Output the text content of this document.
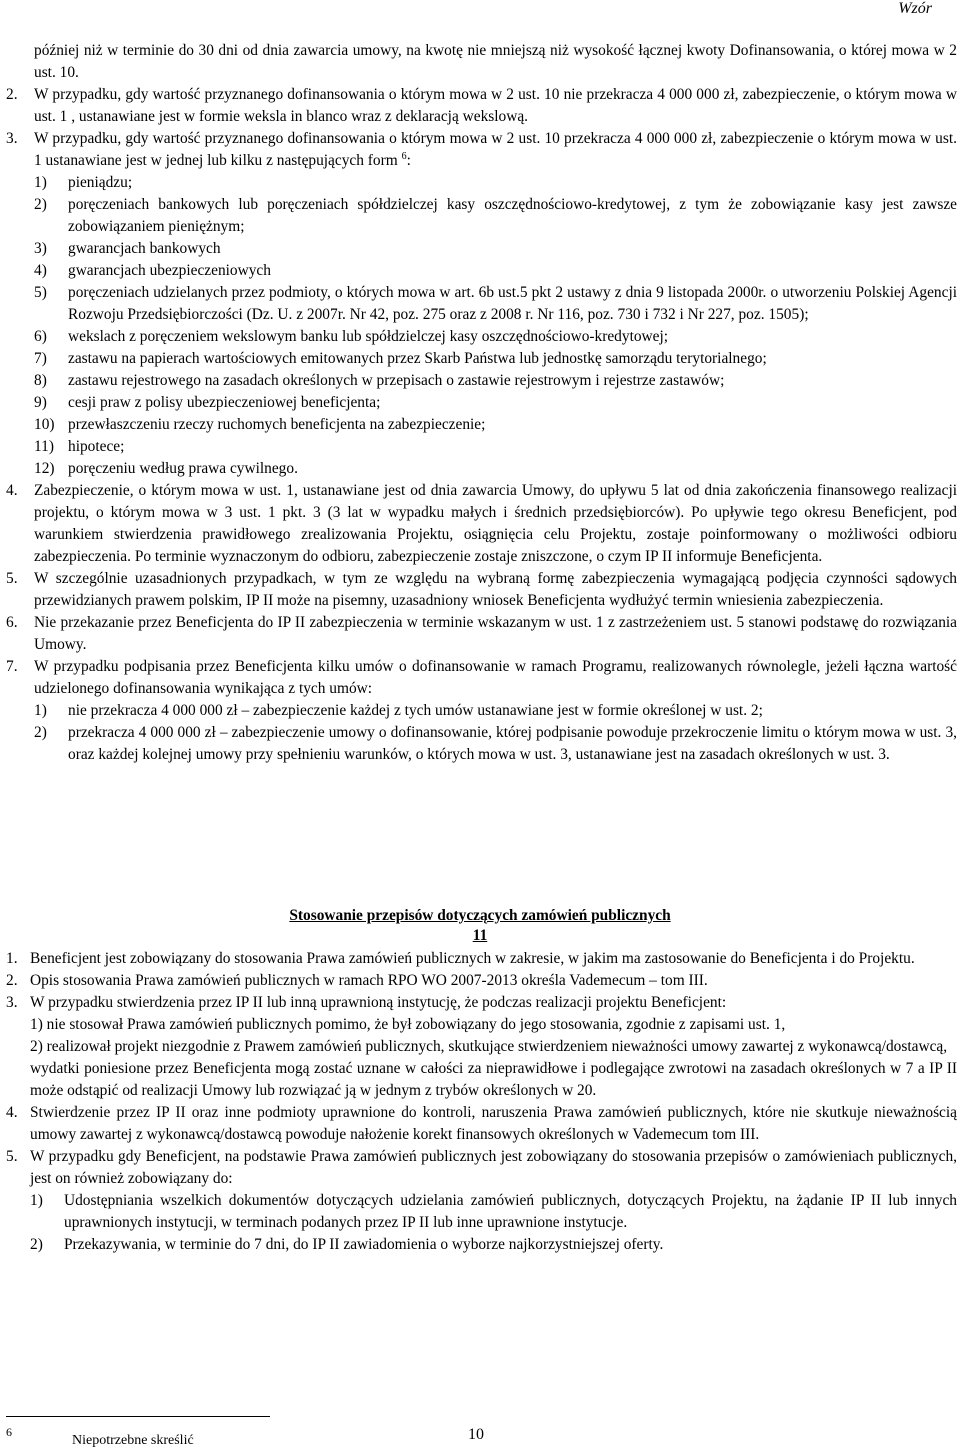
Wzór
później niż w terminie do 30 dni od dnia zawarcia umowy, na kwotę nie mniejszą niż wysokość łącznej kwoty Dofinansowania, o której mowa w 2 ust. 10.
2.	W przypadku, gdy wartość przyznanego dofinansowania o którym mowa w 2 ust. 10 nie przekracza 4 000 000 zł, zabezpieczenie, o którym mowa w ust. 1 , ustanawiane jest w formie weksla in blanco wraz z deklaracją wekslową.
3.	W przypadku, gdy wartość przyznanego dofinansowania o którym mowa w 2 ust. 10 przekracza 4 000 000 zł, zabezpieczenie o którym mowa w ust. 1 ustanawiane jest w jednej lub kilku z następujących form $^6$:
1)	pieniądzu;
2)	poręczeniach bankowych lub poręczeniach spółdzielczej kasy oszczędnościowo-kredytowej, z tym że zobowiązanie kasy jest zawsze zobowiązaniem pieniężnym;
3)	gwarancjach bankowych
4)	gwarancjach ubezpieczeniowych
5)	poręczeniach udzielanych przez podmioty, o których mowa w art. 6b ust.5 pkt 2 ustawy z dnia 9 listopada 2000r. o utworzeniu Polskiej Agencji Rozwoju Przedsiębiorczości (Dz. U. z 2007r. Nr 42, poz. 275 oraz z 2008 r. Nr 116, poz. 730 i 732 i Nr 227, poz. 1505);
6)	wekslach z poręczeniem wekslowym banku lub spółdzielczej kasy oszczędnościowo-kredytowej;
7)	zastawu na papierach wartościowych emitowanych przez Skarb Państwa lub jednostkę samorządu terytorialnego;
8)	zastawu rejestrowego na zasadach określonych w przepisach o zastawie rejestrowym i rejestrze zastawów;
9)	cesji praw z polisy ubezpieczeniowej beneficjenta;
10) przewłaszczeniu rzeczy ruchomych beneficjenta na zabezpieczenie;
11) hipotece;
12) poręczeniu według prawa cywilnego.
4.	Zabezpieczenie, o którym mowa w ust. 1, ustanawiane jest od dnia zawarcia Umowy, do upływu 5 lat od dnia zakończenia finansowego realizacji projektu, o którym mowa w 3 ust. 1 pkt. 3 (3 lat w wypadku małych i średnich przedsiębiorców). Po upływie tego okresu Beneficjent, pod warunkiem stwierdzenia prawidłowego zrealizowania Projektu, osiągnięcia celu Projektu, zostaje poinformowany o możliwości odbioru zabezpieczenia. Po terminie wyznaczonym do odbioru, zabezpieczenie zostaje zniszczone, o czym IP II informuje Beneficjenta.
5.	W szczególnie uzasadnionych przypadkach, w tym ze względu na wybraną formę zabezpieczenia wymagającą podjęcia czynności sądowych przewidzianych prawem polskim, IP II może na pisemny, uzasadniony wniosek Beneficjenta wydłużyć termin wniesienia zabezpieczenia.
6.	Nie przekazanie przez Beneficjenta do IP II zabezpieczenia w terminie wskazanym w ust. 1 z zastrzeżeniem ust. 5 stanowi podstawę do rozwiązania Umowy.
7.	W przypadku podpisania przez Beneficjenta kilku umów o dofinansowanie w ramach Programu, realizowanych równolegle, jeżeli łączna wartość udzielonego dofinansowania wynikająca z tych umów:
1)	nie przekracza 4 000 000 zł – zabezpieczenie każdej z tych umów ustanawiane jest w formie określonej w ust. 2;
2)	przekracza 4 000 000 zł – zabezpieczenie umowy o dofinansowanie, której podpisanie powoduje przekroczenie limitu o którym mowa w ust. 3, oraz każdej kolejnej umowy przy spełnieniu warunków, o których mowa w ust. 3, ustanawiane jest na zasadach określonych w ust. 3.
Stosowanie przepisów dotyczących zamówień publicznych
11
1. Beneficjent jest zobowiązany do stosowania Prawa zamówień publicznych w zakresie, w jakim ma zastosowanie do Beneficjenta i do Projektu.
2. Opis stosowania Prawa zamówień publicznych w ramach RPO WO 2007-2013 określa Vademecum – tom III.
3. W przypadku stwierdzenia przez IP II lub inną uprawnioną instytucję, że podczas realizacji projektu Beneficjent:
1) nie stosował Prawa zamówień publicznych pomimo, że był zobowiązany do jego stosowania, zgodnie z zapisami ust. 1,
2) realizował projekt niezgodnie z Prawem zamówień publicznych, skutkujące stwierdzeniem nieważności umowy zawartej z wykonawcą/dostawcą,
wydatki poniesione przez Beneficjenta mogą zostać uznane w całości za nieprawidłowe i podlegające zwrotowi na zasadach określonych w 7 a IP II może odstąpić od realizacji Umowy lub rozwiązać ją w jednym z trybów określonych w 20.
4. Stwierdzenie przez IP II oraz inne podmioty uprawnione do kontroli, naruszenia Prawa zamówień publicznych, które nie skutkuje nieważnością umowy zawartej z wykonawcą/dostawcą powoduje nałożenie korekt finansowych określonych w Vademecum tom III.
5. W przypadku gdy Beneficjent, na podstawie Prawa zamówień publicznych jest zobowiązany do stosowania przepisów o zamówieniach publicznych, jest on również zobowiązany do:
1)	Udostępniania wszelkich dokumentów dotyczących udzielania zamówień publicznych, dotyczących Projektu, na żądanie IP II lub innych uprawnionych instytucji, w terminach podanych przez IP II lub inne uprawnione instytucje.
2)	Przekazywania, w terminie do 7 dni, do IP II zawiadomienia o wyborze najkorzystniejszej oferty.
6
Niepotrzebne skreślić	10
